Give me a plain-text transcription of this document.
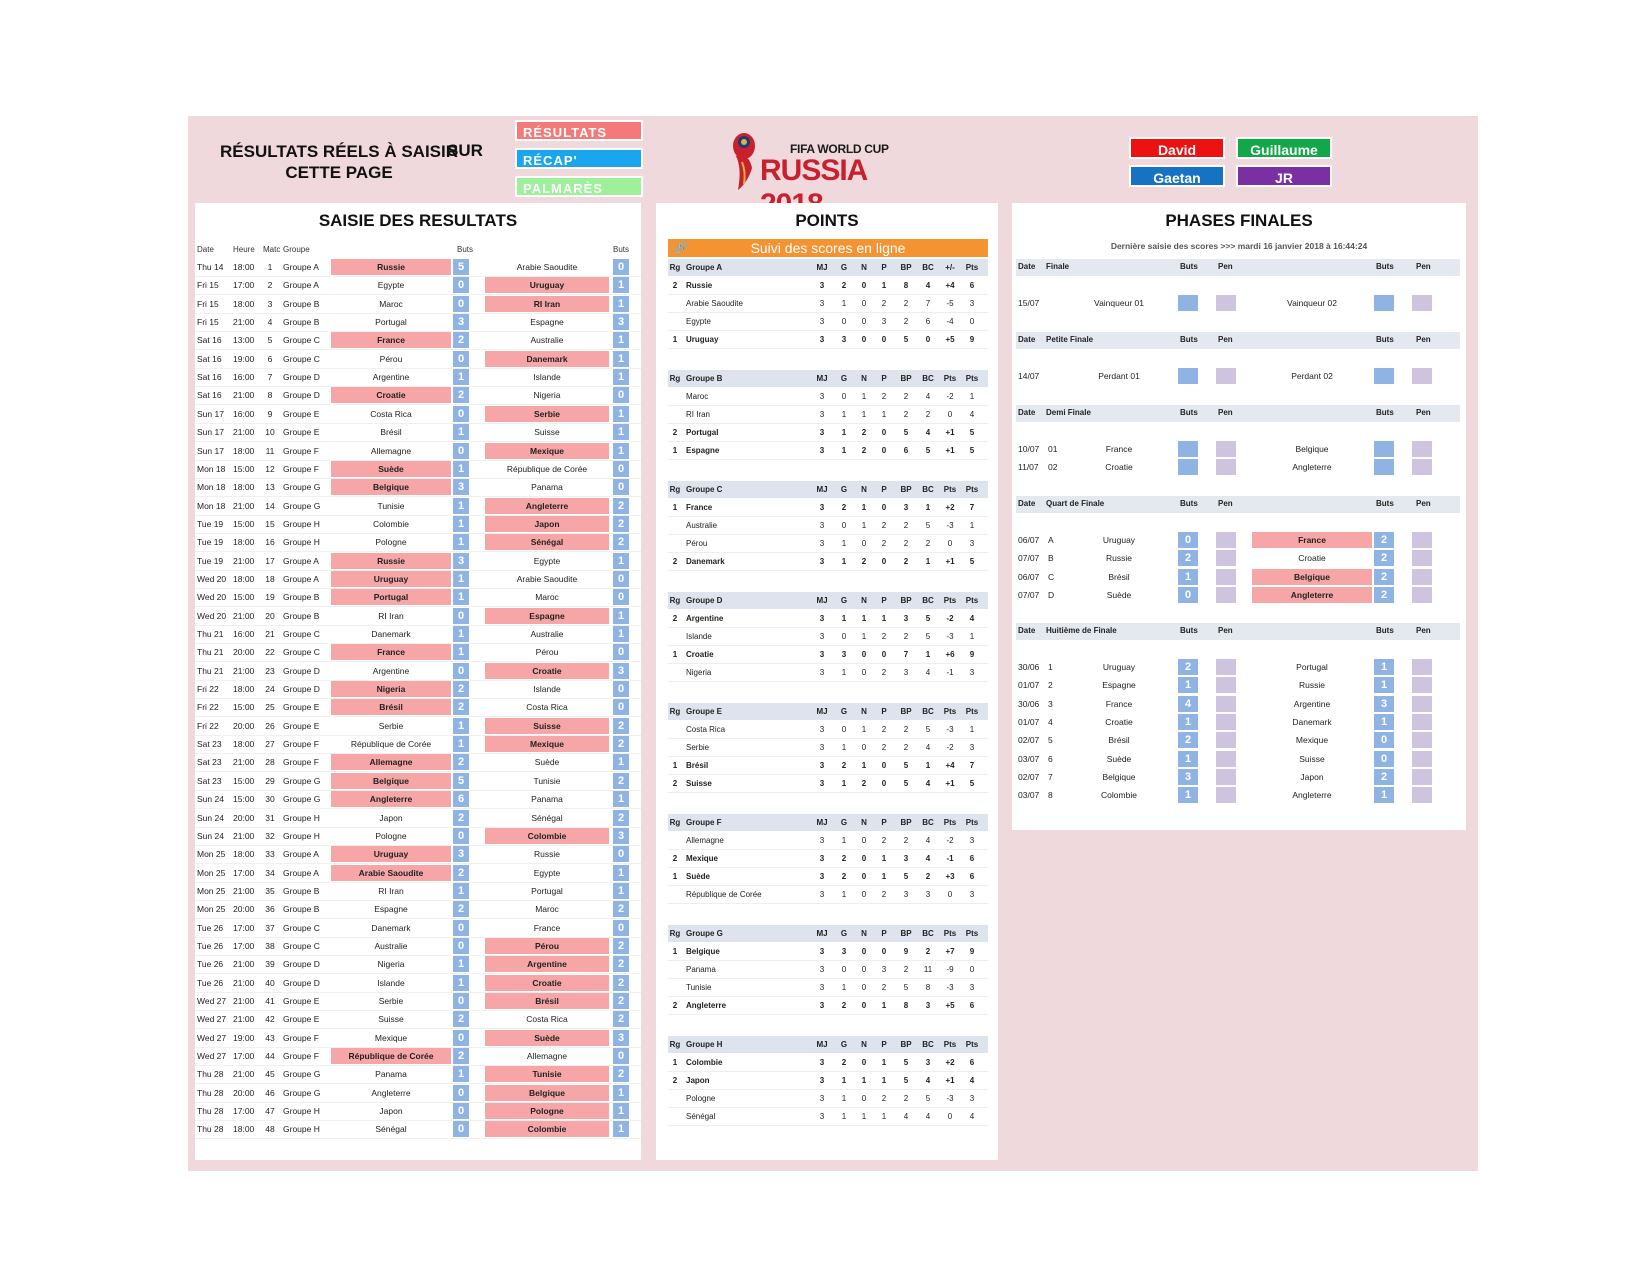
RÉSULTATS RÉELS À SAISIR
CETTE PAGE
SUR
RÉSULTATS
RÉCAP'
PALMARÈS
David	Guillaume
Gaetan	JR
FIFA WORLD CUP
RUSSIA
SAISIE DES RESULTATS
Date Heure Matc Groupe	Buts	Buts
Thu 14 18:00	1	Groupe A	Russie	5	Arabie Saoudite	0
Fri 15 17:00	2	Groupe A	Egypte	0	Uruguay	1
Fri 15 18:00	3	Groupe B	Maroc	0	RI Iran	1
Fri 15 21:00	4	Groupe B	Portugal	3	Espagne	3
Sat 16 13:00	5	Groupe C	France	2	Australie	1
Sat 16 19:00	6	Groupe C	Pérou	0	Danemark	1
Sat 16 16:00	7	Groupe D	Argentine	1	Islande	1
Sat 16 21:00	8	Groupe D	Croatie	2	Nigeria	0
Sun 17 16:00	9	Groupe E	Costa Rica	0	Serbie	1
Sun 17 21:00 10 Groupe E	Brésil	1	Suisse	1
Sun 17 18:00	11	Groupe F	Allemagne	0	Mexique	1
Mon 18 15:00 12 Groupe F	Suède	1	République de Corée	0
Mon 18 18:00 13 Groupe G	Belgique	3	Panama	0
Mon 18 21:00 14 Groupe G	Tunisie	1	Angleterre	2
Tue 19 15:00 15 Groupe H	Colombie	1	Japon	2
Tue 19 18:00 16 Groupe H	Pologne	1	Sénégal	2
Tue 19 21:00 17 Groupe A	Russie	3	Egypte	1
Wed 20 18:00 18 Groupe A	Uruguay	1	Arabie Saoudite	0
Wed 20 15:00 19 Groupe B	Portugal	1	Maroc	0
Wed 20 21:00 20 Groupe B	RI Iran	0	Espagne	1
Thu 21 16:00 21 Groupe C	Danemark	1	Australie	1
Thu 21 20:00 22 Groupe C	France	1	Pérou	0
Thu 21 21:00 23 Groupe D	Argentine	0	Croatie	3
Fri 22 18:00 24 Groupe D	Nigeria	2	Islande	0
Fri 22 15:00 25 Groupe E	Brésil	2	Costa Rica	0
Fri 22 20:00 26 Groupe E	Serbie	1	Suisse	2
Sat 23 18:00 27 Groupe F	République de Corée	1	Mexique	2
Sat 23 21:00 28 Groupe F	Allemagne	2	Suède	1
Sat 23 15:00 29 Groupe G	Belgique	5	Tunisie	2
Sun 24 15:00 30 Groupe G	Angleterre	6	Panama	1
Sun 24 20:00 31 Groupe H	Japon	2	Sénégal	2
Sun 24 21:00 32 Groupe H	Pologne	0	Colombie	3
Mon 25 18:00 33 Groupe A	Uruguay	3	Russie	0
Mon 25 17:00 34 Groupe A	Arabie Saoudite	2	Egypte	1
Mon 25 21:00 35 Groupe B	RI Iran	1	Portugal	1
Mon 25 20:00 36 Groupe B	Espagne	2	Maroc	2
Tue 26 17:00 37 Groupe C	Danemark	0	France	0
Tue 26 17:00 38 Groupe C	Australie	0	Pérou	2
Tue 26 21:00 39 Groupe D	Nigeria	1	Argentine	2
Tue 26 21:00 40 Groupe D	Islande	1	Croatie	2
Wed 27 21:00 41 Groupe E	Serbie	0	Brésil	2
Wed 27 21:00 42 Groupe E	Suisse	2	Costa Rica	2
Wed 27 19:00 43 Groupe F	Mexique	0	Suède	3
Wed 27 17:00 44 Groupe F	République de Corée	2	Allemagne	0
Thu 28 21:00 45 Groupe G	Panama	1	Tunisie	2
Thu 28 20:00 46 Groupe G	Angleterre	0	Belgique	1
Thu 28 17:00 47 Groupe H	Japon	0	Pologne	1
Thu 28 18:00 48 Groupe H	Sénégal	0	Colombie	1
POINTS
🔗	Suivi des scores en ligne
Rg Groupe A	MJ	G	N	P	BP	BC	+/-	Pts
2	Russie	3	2	0	1	8	4	+4	6
Arabie Saoudite	3	1	0	2	2	7	-5	3
Egypte	3	0	0	3	2	6	-4	0
1	Uruguay	3	3	0	0	5	0	+5	9
Rg Groupe B	MJ	G	N	P	BP	BC	Pts	Pts
Maroc	3	0	1	2	2	4	-2	1
RI Iran	3	1	1	1	2	2	0	4
2	Portugal	3	1	2	0	5	4	+1	5
1	Espagne	3	1	2	0	6	5	+1	5
Rg Groupe C	MJ	G	N	P	BP	BC	Pts	Pts
1	France	3	2	1	0	3	1	+2	7
Australie	3	0	1	2	2	5	-3	1
Pérou	3	1	0	2	2	2	0	3
2	Danemark	3	1	2	0	2	1	+1	5
Rg Groupe D	MJ	G	N	P	BP	BC	Pts	Pts
2	Argentine	3	1	1	1	3	5	-2	4
Islande	3	0	1	2	2	5	-3	1
1	Croatie	3	3	0	0	7	1	+6	9
Nigeria	3	1	0	2	3	4	-1	3
Rg Groupe E	MJ	G	N	P	BP	BC	Pts	Pts
Costa Rica	3	0	1	2	2	5	-3	1
Serbie	3	1	0	2	2	4	-2	3
1	Brésil	3	2	1	0	5	1	+4	7
2	Suisse	3	1	2	0	5	4	+1	5
Rg Groupe F	MJ	G	N	P	BP	BC	Pts	Pts
Allemagne	3	1	0	2	2	4	-2	3
2	Mexique	3	2	0	1	3	4	-1	6
1	Suède	3	2	0	1	5	2	+3	6
République de Corée	3	1	0	2	3	3	0	3
Rg Groupe G	MJ	G	N	P	BP	BC	Pts	Pts
1	Belgique	3	3	0	0	9	2	+7	9
Panama	3	0	0	3	2	11	-9	0
Tunisie	3	1	0	2	5	8	-3	3
2	Angleterre	3	2	0	1	8	3	+5	6
Rg Groupe H	MJ	G	N	P	BP	BC	Pts	Pts
1	Colombie	3	2	0	1	5	3	+2	6
2	Japon	3	1	1	1	5	4	+1	4
Pologne	3	1	0	2	2	5	-3	3
Sénégal	3	1	1	1	4	4	0	4
PHASES FINALES
Dernière saisie des scores >>> mardi 16 janvier 2018 à 16:44:24
Date Finale	Buts	Pen	Buts	Pen
15/07	Vainqueur 01	Vainqueur 02
Date Petite Finale	Buts	Pen	Buts	Pen
14/07	Perdant 01	Perdant 02
Date Demi Finale	Buts	Pen	Buts	Pen
10/07 01	France	Belgique
11/07 02	Croatie	Angleterre
Date Quart de Finale	Buts	Pen	Buts	Pen
06/07 A	Uruguay	0	France	2
07/07 B	Russie	2	Croatie	2
06/07 C	Brésil	1	Belgique	2
07/07 D	Suède	0	Angleterre	2
Date Huitième de Finale	Buts	Pen	Buts	Pen
30/06 1	Uruguay	2	Portugal	1
01/07 2	Espagne	1	Russie	1
30/06 3	France	4	Argentine	3
01/07 4	Croatie	1	Danemark	1
02/07 5	Brésil	2	Mexique	0
03/07 6	Suède	1	Suisse	0
02/07 7	Belgique	3	Japon	2
03/07 8	Colombie	1	Angleterre	1
